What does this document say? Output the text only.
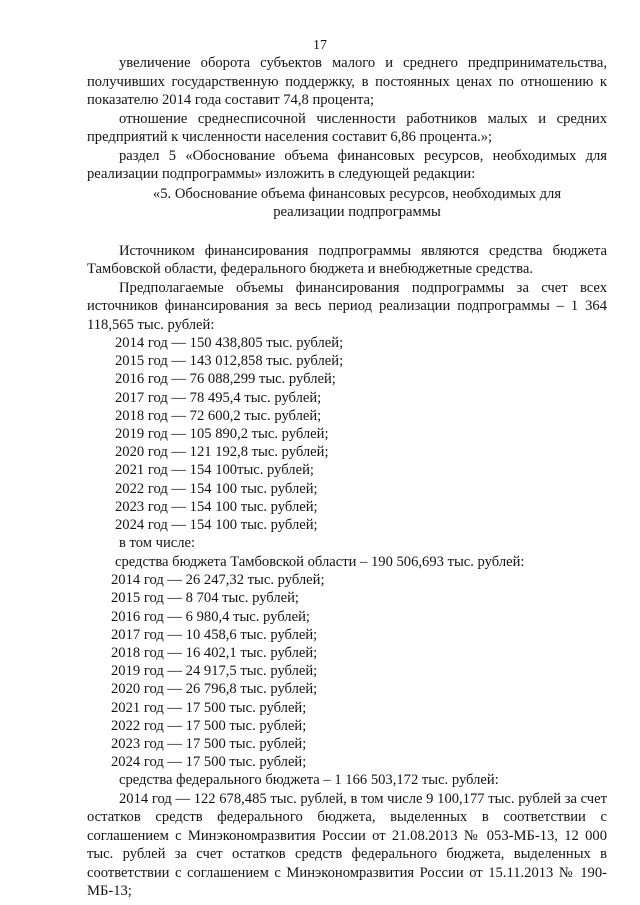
17

увеличение оборота субъектов малого и среднего предпринимательства, получивших государственную поддержку, в постоянных ценах по отношению к показателю 2014 года составит 74,8 процента;

отношение среднесписочной численности работников малых и средних предприятий к численности населения составит 6,86 процента.»;

раздел 5 «Обоснование объема финансовых ресурсов, необходимых для реализации подпрограммы» изложить в следующей редакции:

«5. Обоснование объема финансовых ресурсов, необходимых для
реализации подпрограммы

Источником финансирования подпрограммы являются средства бюджета Тамбовской области, федерального бюджета и внебюджетные средства.

Предполагаемые объемы финансирования подпрограммы за счет всех источников финансирования за весь период реализации подпрограммы – 1 364 118,565 тыс. рублей:

2014 год — 150 438,805 тыс. рублей;
2015 год — 143 012,858 тыс. рублей;
2016 год — 76 088,299 тыс. рублей;
2017 год — 78 495,4 тыс. рублей;
2018 год — 72 600,2 тыс. рублей;
2019 год — 105 890,2 тыс. рублей;
2020 год — 121 192,8 тыс. рублей;
2021 год — 154 100тыс. рублей;
2022 год — 154 100 тыс. рублей;
2023 год — 154 100 тыс. рублей;
2024 год — 154 100 тыс. рублей;
в том числе:
средства бюджета Тамбовской области – 190 506,693 тыс. рублей:
2014 год — 26 247,32 тыс. рублей;
2015 год — 8 704 тыс. рублей;
2016 год — 6 980,4 тыс. рублей;
2017 год — 10 458,6 тыс. рублей;
2018 год — 16 402,1 тыс. рублей;
2019 год — 24 917,5 тыс. рублей;
2020 год — 26 796,8 тыс. рублей;
2021 год — 17 500 тыс. рублей;
2022 год — 17 500 тыс. рублей;
2023 год — 17 500 тыс. рублей;
2024 год — 17 500 тыс. рублей;
средства федерального бюджета – 1 166 503,172 тыс. рублей:

2014 год — 122 678,485 тыс. рублей, в том числе 9 100,177 тыс. рублей за счет остатков средств федерального бюджета, выделенных в соответствии с соглашением с Минэкономразвития России от 21.08.2013 № 053-МБ-13, 12 000 тыс. рублей за счет остатков средств федерального бюджета, выделенных в соответствии с соглашением с Минэкономразвития России от 15.11.2013 № 190-МБ-13;
